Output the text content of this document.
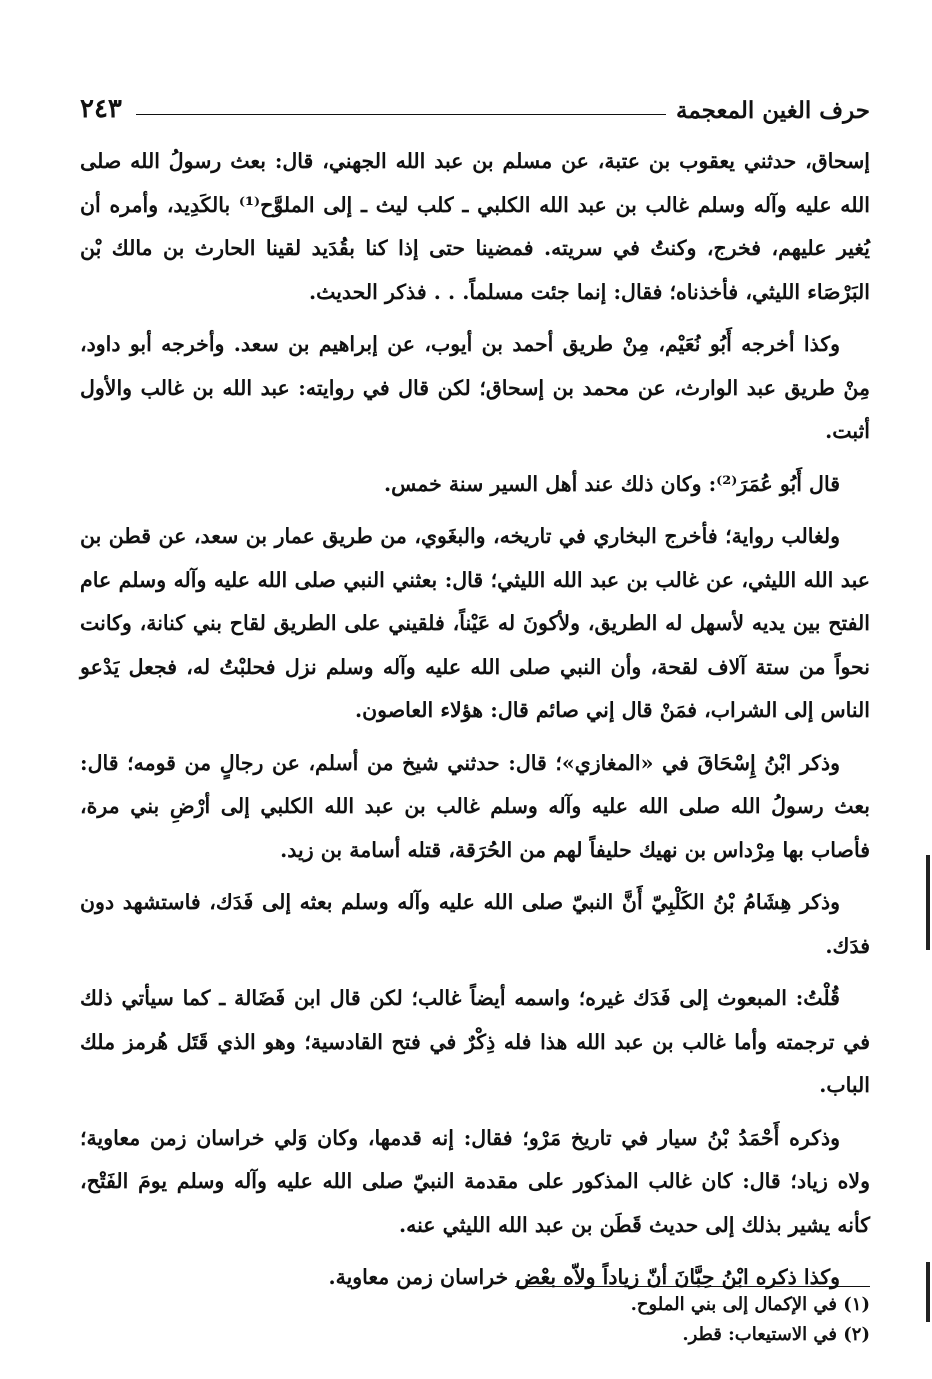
حرف الغين المعجمة
٢٤٣

إسحاق، حدثني يعقوب بن عتبة، عن مسلم بن عبد الله الجهني، قال: بعث رسولُ الله صلى الله عليه وآله وسلم غالب بن عبد الله الكلبي ـ كلب ليث ـ إلى الملوَّح⁽¹⁾ بالكَدِيد، وأمره أن يُغير عليهم، فخرج، وكنتُ في سريته. فمضينا حتى إذا كنا بقُدَيد لقينا الحارث بن مالك بْن البَرْصَاء الليثي، فأخذناه؛ فقال: إنما جئت مسلماً. . . فذكر الحديث.

وكذا أخرجه أَبُو نُعَيْم، مِنْ طريق أحمد بن أيوب، عن إبراهيم بن سعد. وأخرجه أبو داود، مِنْ طريق عبد الوارث، عن محمد بن إسحاق؛ لكن قال في روايته: عبد الله بن غالب والأول أثبت.

قال أَبُو عُمَرَ⁽²⁾: وكان ذلك عند أهل السير سنة خمس.

ولغالب رواية؛ فأخرج البخاري في تاريخه، والبغَوي، من طريق عمار بن سعد، عن قطن بن عبد الله الليثي، عن غالب بن عبد الله الليثي؛ قال: بعثني النبي صلى الله عليه وآله وسلم عام الفتح بين يديه لأسهل له الطريق، ولأكونَ له عَيْناً، فلقيني على الطريق لقاح بني كنانة، وكانت نحواً من ستة آلاف لقحة، وأن النبي صلى الله عليه وآله وسلم نزل فحلبْتُ له، فجعل يَدْعو الناس إلى الشراب، فمَنْ قال إني صائم قال: هؤلاء العاصون.

وذكر ابْنُ إِسْحَاقَ في «المغازي»؛ قال: حدثني شيخ من أسلم، عن رجالٍ من قومه؛ قال: بعث رسولُ الله صلى الله عليه وآله وسلم غالب بن عبد الله الكلبي إلى أرْضِ بني مرة، فأصاب بها مِرْداس بن نهيك حليفاً لهم من الحُرَقة، قتله أسامة بن زيد.

وذكر هِشَامُ بْنُ الكَلْبِيّ أَنَّ النبيّ صلى الله عليه وآله وسلم بعثه إلى فَدَك، فاستشهد دون فدَك.

قُلْتُ: المبعوث إلى فَدَك غيره؛ واسمه أيضاً غالب؛ لكن قال ابن فَضَالة ـ كما سيأتي ذلك في ترجمته وأما غالب بن عبد الله هذا فله ذِكْرٌ في فتح القادسية؛ وهو الذي قَتَل هُرمز ملك الباب.

وذكره أَحْمَدُ بْنُ سيار في تاريخ مَرْو؛ فقال: إنه قدمها، وكان وَلي خراسان زمن معاوية؛ ولاه زياد؛ قال: كان غالب المذكور على مقدمة النبيّ صلى الله عليه وآله وسلم يومَ الفَتْح، كأنه يشير بذلك إلى حديث قَطَن بن عبد الله الليثي عنه.

وكذا ذكره ابْنُ حِبَّانَ أنّ زياداً ولاّه بعْض خراسان زمن معاوية.

(١) في الإكمال إلى بني الملوح.

(٢) في الاستيعاب: قطر.
